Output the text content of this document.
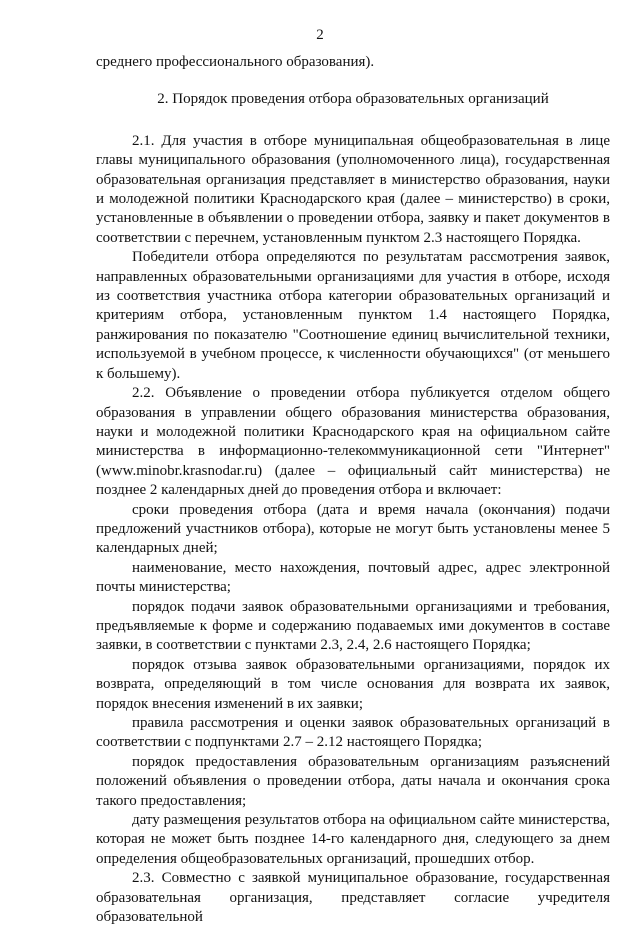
2

среднего профессионального образования).

2. Порядок проведения отбора образовательных организаций

2.1. Для участия в отборе муниципальная общеобразовательная в лице главы муниципального образования (уполномоченного лица), государственная образовательная организация представляет в министерство образования, науки и молодежной политики Краснодарского края (далее – министерство) в сроки, установленные в объявлении о проведении отбора, заявку и пакет документов в соответствии с перечнем, установленным пунктом 2.3 настоящего Порядка.

Победители отбора определяются по результатам рассмотрения заявок, направленных образовательными организациями для участия в отборе, исходя из соответствия участника отбора категории образовательных организаций и критериям отбора, установленным пунктом 1.4 настоящего Порядка, ранжирования по показателю "Соотношение единиц вычислительной техники, используемой в учебном процессе, к численности обучающихся" (от меньшего к большему).

2.2. Объявление о проведении отбора публикуется отделом общего образования в управлении общего образования министерства образования, науки и молодежной политики Краснодарского края на официальном сайте министерства в информационно-телекоммуникационной сети "Интернет" (www.minobr.krasnodar.ru) (далее – официальный сайт министерства) не позднее 2 календарных дней до проведения отбора и включает:

сроки проведения отбора (дата и время начала (окончания) подачи предложений участников отбора), которые не могут быть установлены менее 5 календарных дней;

наименование, место нахождения, почтовый адрес, адрес электронной почты министерства;

порядок подачи заявок образовательными организациями и требования, предъявляемые к форме и содержанию подаваемых ими документов в составе заявки, в соответствии с пунктами 2.3, 2.4, 2.6 настоящего Порядка;

порядок отзыва заявок образовательными организациями, порядок их возврата, определяющий в том числе основания для возврата их заявок, порядок внесения изменений в их заявки;

правила рассмотрения и оценки заявок образовательных организаций в соответствии с подпунктами 2.7 – 2.12 настоящего Порядка;

порядок предоставления образовательным организациям разъяснений положений объявления о проведении отбора, даты начала и окончания срока такого предоставления;

дату размещения результатов отбора на официальном сайте министерства, которая не может быть позднее 14-го календарного дня, следующего за днем определения общеобразовательных организаций, прошедших отбор.

2.3. Совместно с заявкой муниципальное образование, государственная образовательная организация, представляет согласие учредителя образовательной
